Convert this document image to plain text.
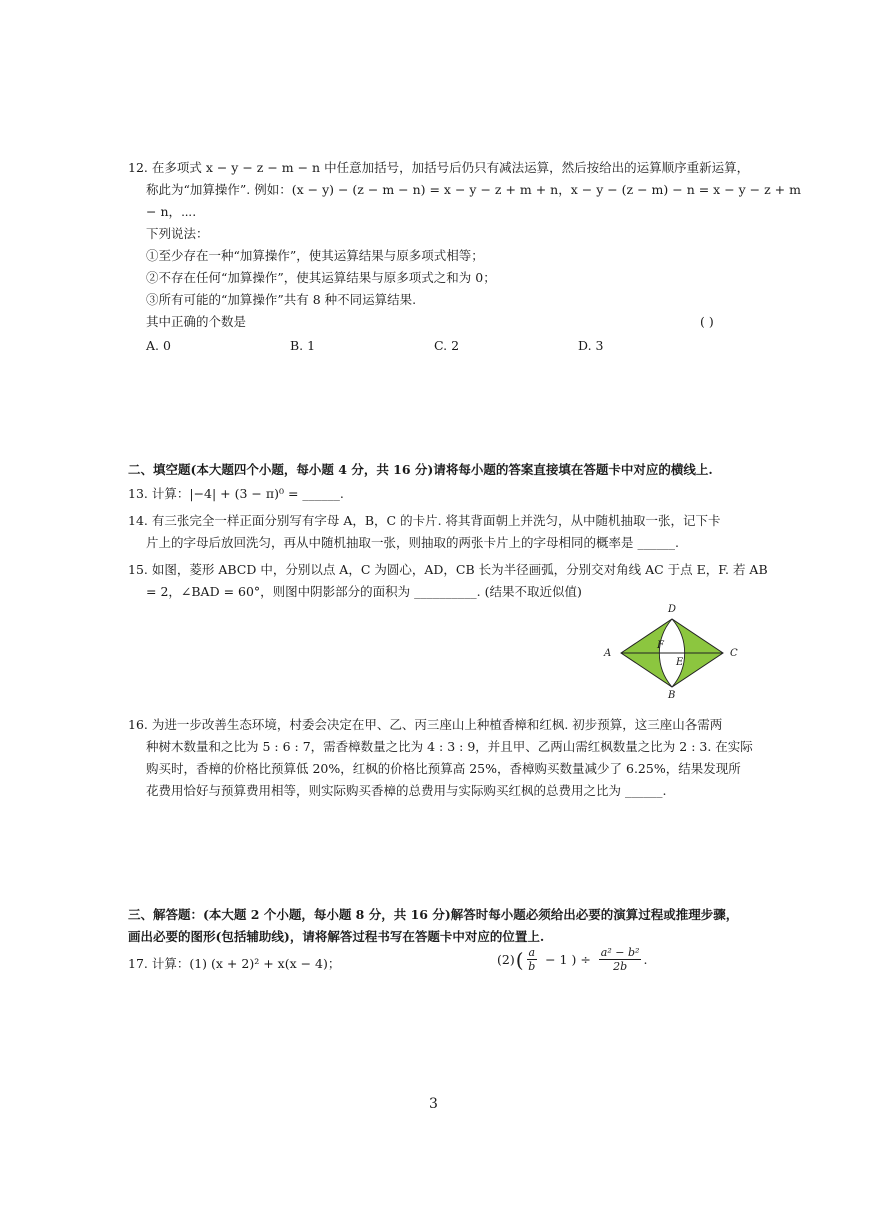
12. 在多项式 x − y − z − m − n 中任意加括号，加括号后仍只有减法运算，然后按给出的运算顺序重新运算，
称此为“加算操作”. 例如：(x − y) − (z − m − n) = x − y − z + m + n，x − y − (z − m) − n = x − y − z + m
− n，⋯.
下列说法：
①至少存在一种“加算操作”，使其运算结果与原多项式相等；
②不存在任何“加算操作”，使其运算结果与原多项式之和为 0；
③所有可能的“加算操作”共有 8 种不同运算结果.
其中正确的个数是	( )
A. 0	B. 1	C. 2	D. 3
二、填空题(本大题四个小题，每小题 4 分，共 16 分)请将每小题的答案直接填在答题卡中对应的横线上.
13. 计算：|−4| + (3 − π)⁰ = ______.
14. 有三张完全一样正面分别写有字母 A，B，C 的卡片. 将其背面朝上并洗匀，从中随机抽取一张，记下卡
片上的字母后放回洗匀，再从中随机抽取一张，则抽取的两张卡片上的字母相同的概率是 ______.
15. 如图，菱形 ABCD 中，分别以点 A，C 为圆心，AD，CB 长为半径画弧，分别交对角线 AC 于点 E，F. 若 AB
= 2，∠BAD = 60°，则图中阴影部分的面积为 __________. (结果不取近似值)
A
B
C
D
F
E
16. 为进一步改善生态环境，村委会决定在甲、乙、丙三座山上种植香樟和红枫. 初步预算，这三座山各需两
种树木数量和之比为 5 : 6 : 7，需香樟数量之比为 4 : 3 : 9，并且甲、乙两山需红枫数量之比为 2 : 3. 在实际
购买时，香樟的价格比预算低 20%，红枫的价格比预算高 25%，香樟购买数量减少了 6.25%，结果发现所
花费用恰好与预算费用相等，则实际购买香樟的总费用与实际购买红枫的总费用之比为 ______.
三、解答题：(本大题 2 个小题，每小题 8 分，共 16 分)解答时每小题必须给出必要的演算过程或推理步骤，
画出必要的图形(包括辅助线)，请将解答过程书写在答题卡中对应的位置上.
17. 计算：(1) (x + 2)² + x(x − 4)；	(2) ( $\frac{a}{b} - 1$ ) ÷ $\frac{\text{a² − b²}}{2b}$ .
3
